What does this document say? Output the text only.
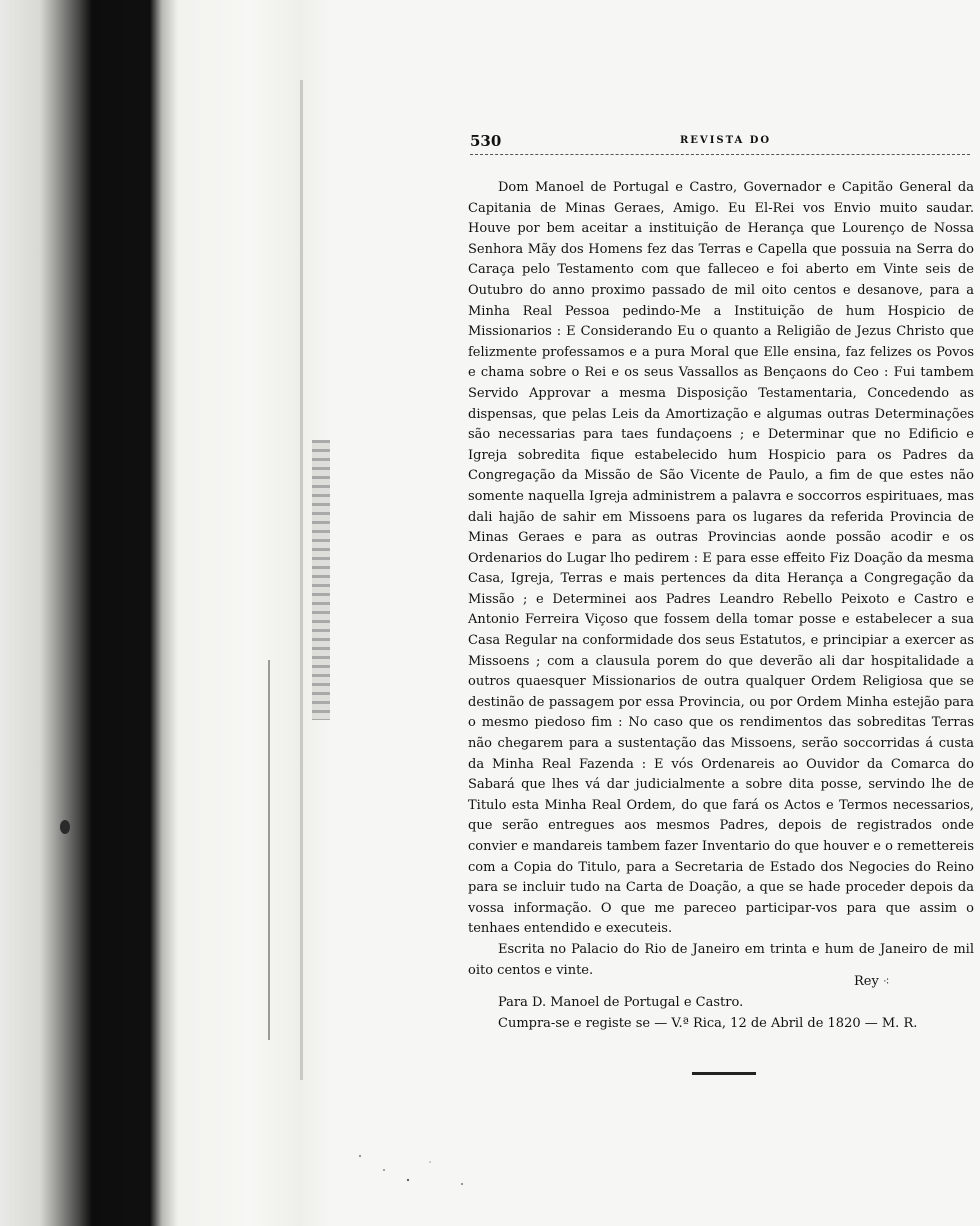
530	REVISTA DO

Dom Manoel de Portugal e Castro, Governador e Capitão General da Capitania de Minas Geraes, Amigo. Eu El-Rei vos Envio muito saudar. Houve por bem aceitar a instituição de Herança que Lourenço de Nossa Senhora Mãy dos Homens fez das Terras e Capella que possuia na Serra do Caraça pelo Testamento com que falleceo e foi aberto em Vinte seis de Outubro do anno proximo passado de mil oito centos e desanove, para a Minha Real Pessoa pedindo-Me a Instituição de hum Hospicio de Missionarios : E Considerando Eu o quanto a Religião de Jezus Christo que felizmente professamos e a pura Moral que Elle ensina, faz felizes os Povos e chama sobre o Rei e os seus Vassallos as Bençaons do Ceo : Fui tambem Servido Approvar a mesma Disposição Testamentaria, Concedendo as dispensas, que pelas Leis da Amortização e algumas outras Determinações são necessarias para taes fundaçoens ; e Determinar que no Edificio e Igreja sobredita fique estabelecido hum Hospicio para os Padres da Congregação da Missão de São Vicente de Paulo, a fim de que estes não somente naquella Igreja administrem a palavra e soccorros espirituaes, mas dali hajão de sahir em Missoens para os lugares da referida Provincia de Minas Geraes e para as outras Provincias aonde possão acodir e os Ordenarios do Lugar lho pedirem : E para esse effeito Fiz Doação da mesma Casa, Igreja, Terras e mais pertences da dita Herança a Congregação da Missão ; e Determinei aos Padres Leandro Rebello Peixoto e Castro e Antonio Ferreira Viçoso que fossem della tomar posse e estabelecer a sua Casa Regular na conformidade dos seus Estatutos, e principiar a exercer as Missoens ; com a clausula porem do que deverão ali dar hospitalidade a outros quaesquer Missionarios de outra qualquer Ordem Religiosa que se destinão de passagem por essa Provincia, ou por Ordem Minha estejão para o mesmo piedoso fim : No caso que os rendimentos das sobreditas Terras não chegarem para a sustentação das Missoens, serão soccorridas á custa da Minha Real Fazenda : E vós Ordenareis ao Ouvidor da Comarca do Sabará que lhes vá dar judicialmente a sobre dita posse, servindo lhe de Titulo esta Minha Real Ordem, do que fará os Actos e Termos necessarios, que serão entregues aos mesmos Padres, depois de registrados onde convier e mandareis tambem fazer Inventario do que houver e o remettereis com a Copia do Titulo, para a Secretaria de Estado dos Negocies do Reino para se incluir tudo na Carta de Doação, a que se hade proceder depois da vossa informação. O que me pareceo participar-vos para que assim o tenhaes entendido e executeis.

Escrita no Palacio do Rio de Janeiro em trinta e hum de Janeiro de mil oito centos e vinte.

Rey ⁖
Para D. Manoel de Portugal e Castro.
Cumpra-se e registe se — V.ª Rica, 12 de Abril de 1820 — M. R.
